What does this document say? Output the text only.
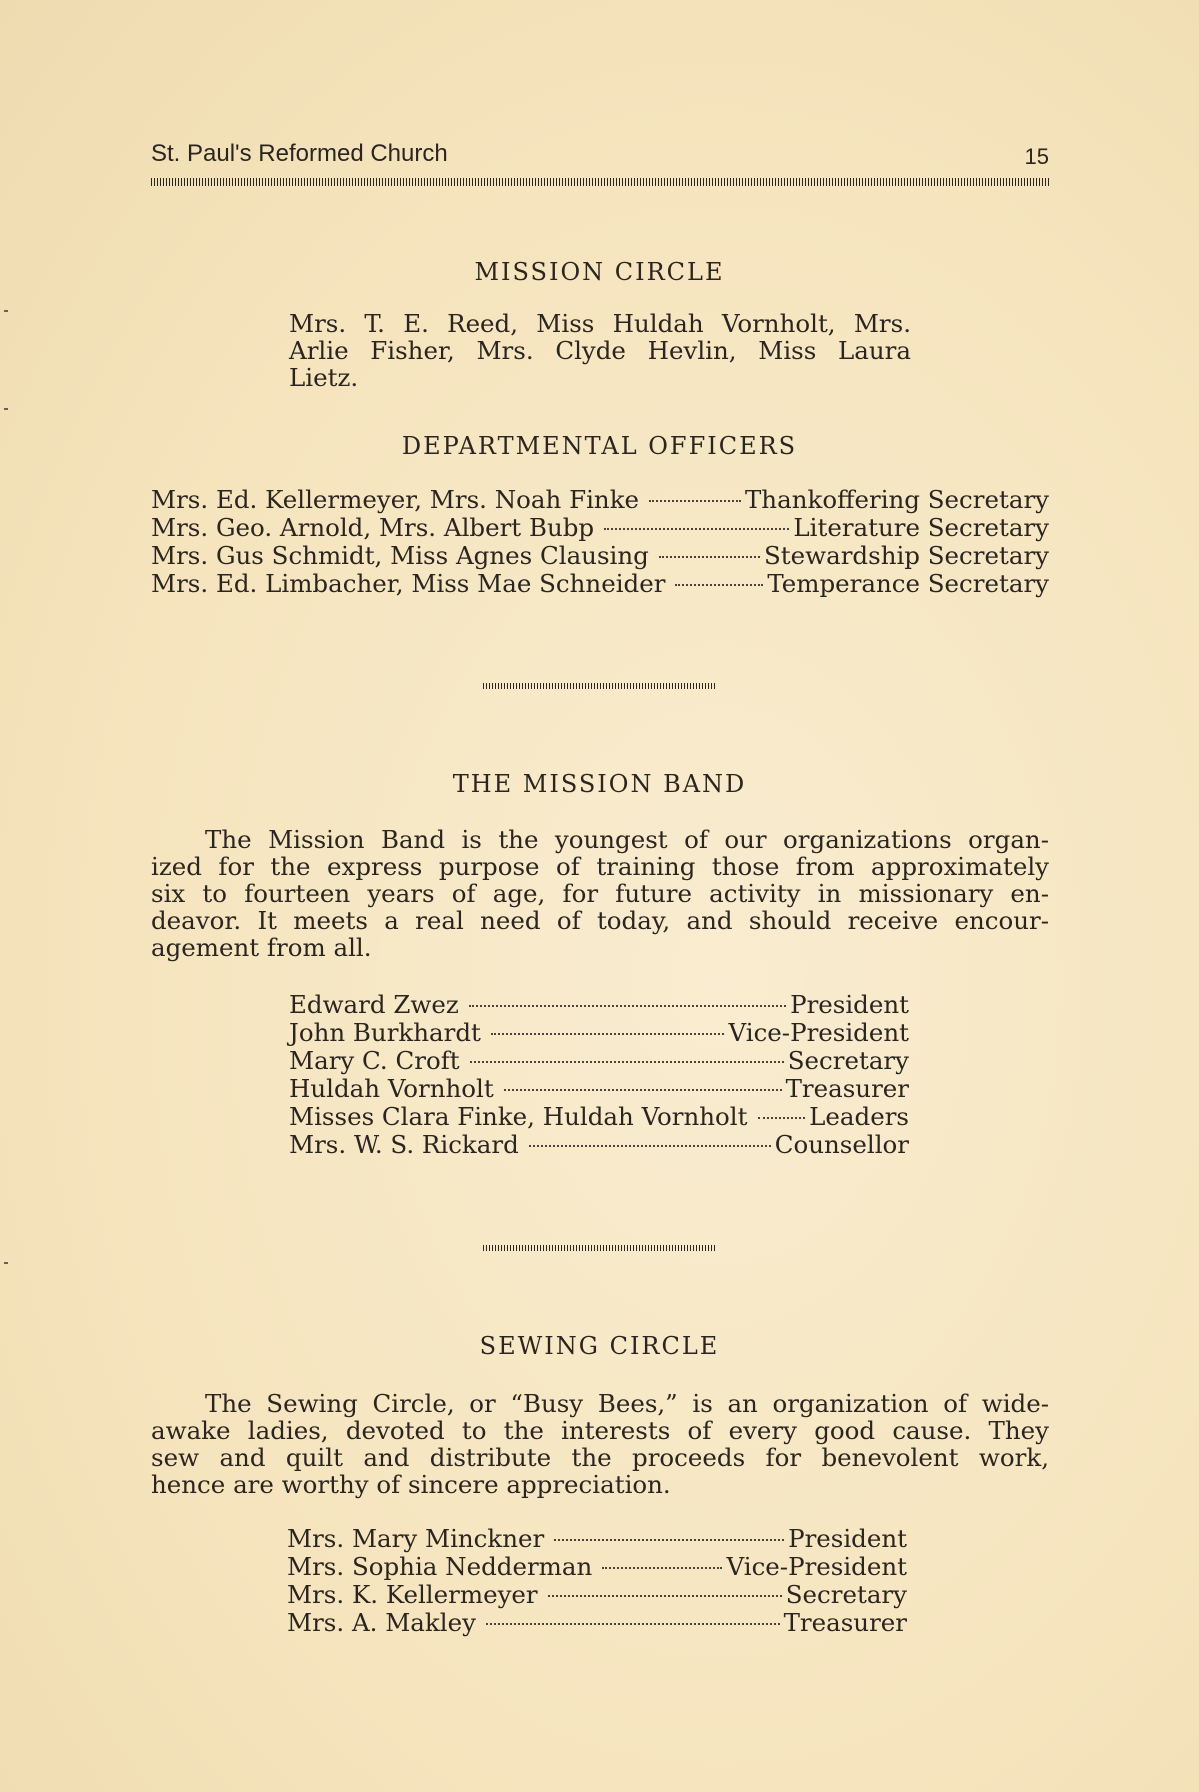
St. Paul's Reformed Church	15
MISSION CIRCLE
Mrs. T. E. Reed, Miss Huldah Vornholt, Mrs.
Arlie Fisher, Mrs. Clyde Hevlin, Miss Laura
Lietz.
DEPARTMENTAL OFFICERS
Mrs. Ed. Kellermeyer, Mrs. Noah Finke	Thankoffering Secretary
Mrs. Geo. Arnold, Mrs. Albert Bubp	Literature Secretary
Mrs. Gus Schmidt, Miss Agnes Clausing	Stewardship Secretary
Mrs. Ed. Limbacher, Miss Mae Schneider	Temperance Secretary
THE MISSION BAND
The Mission Band is the youngest of our organizations organ-
ized for the express purpose of training those from approximately
six to fourteen years of age, for future activity in missionary en-
deavor. It meets a real need of today, and should receive encour-
agement from all.
Edward Zwez	President
John Burkhardt	Vice-President
Mary C. Croft	Secretary
Huldah Vornholt	Treasurer
Misses Clara Finke, Huldah Vornholt	Leaders
Mrs. W. S. Rickard	Counsellor
SEWING CIRCLE
The Sewing Circle, or “Busy Bees,” is an organization of wide-
awake ladies, devoted to the interests of every good cause. They
sew and quilt and distribute the proceeds for benevolent work,
hence are worthy of sincere appreciation.
Mrs. Mary Minckner	President
Mrs. Sophia Nedderman	Vice-President
Mrs. K. Kellermeyer	Secretary
Mrs. A. Makley	Treasurer
